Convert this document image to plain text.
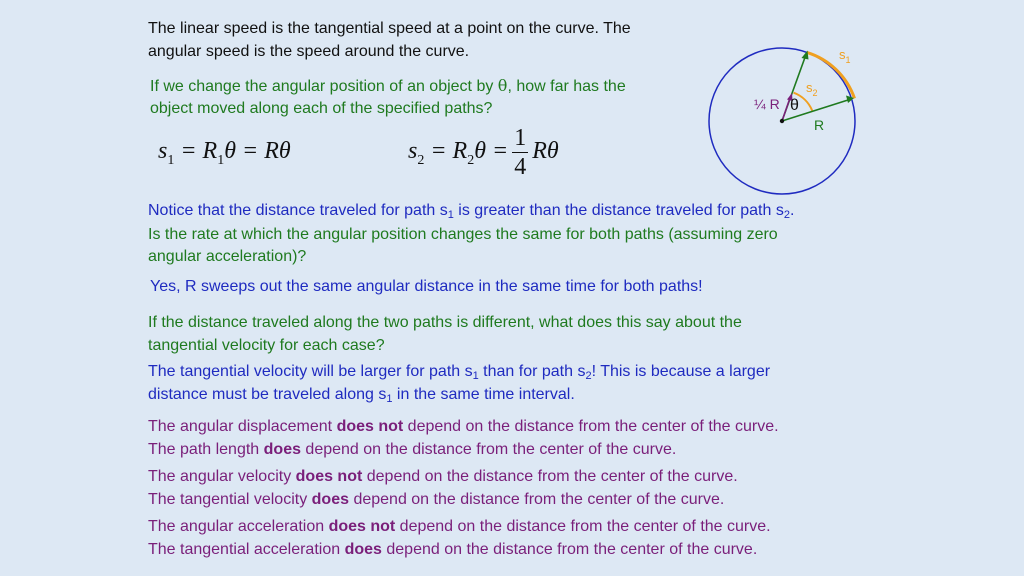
The linear speed is the tangential speed at a point on the curve. The

angular speed is the speed around the curve.

If we change the angular position of an object by θ, how far has the

object moved along each of the specified paths?

$s_1 = R_1\theta = R\theta$	$s_2 = R_2\theta = \frac{1}{4}$ Rθ
¼ R θ
R
$s_1$
$s_2$

Notice that the distance traveled for path $s_1$ is greater than the distance traveled for path $s_2$.

Is the rate at which the angular position changes the same for both paths (assuming zero

angular acceleration)?

Yes, R sweeps out the same angular distance in the same time for both paths!

If the distance traveled along the two paths is different, what does this say about the

tangential velocity for each case?

The tangential velocity will be larger for path $s_1$ than for path $s_2$! This is because a larger

distance must be traveled along $s_1$ in the same time interval.

The angular displacement does not depend on the distance from the center of the curve.

The path length does depend on the distance from the center of the curve.

The angular velocity does not depend on the distance from the center of the curve.

The tangential velocity does depend on the distance from the center of the curve.

The angular acceleration does not depend on the distance from the center of the curve.

The tangential acceleration does depend on the distance from the center of the curve.
